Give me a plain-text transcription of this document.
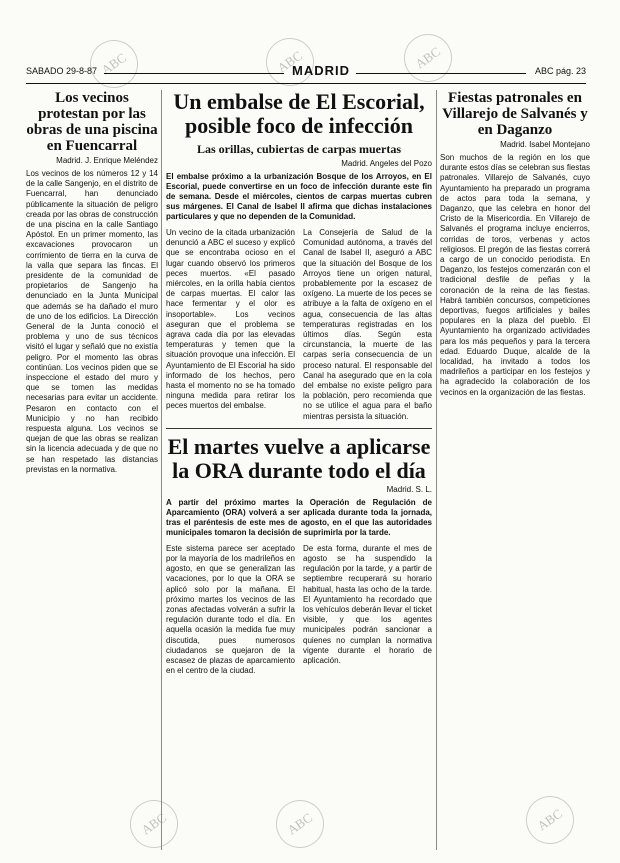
ABC	ABC	ABC
ABC	ABC	ABC
SABADO 29-8-87	MADRID	ABC pág. 23
Los vecinos protestan por las obras de una piscina en Fuencarral
Madrid. J. Enrique Meléndez

Los vecinos de los números 12 y 14 de la calle Sangenjo, en el distrito de Fuencarral, han denunciado públicamente la situación de peligro creada por las obras de construcción de una piscina en la calle Santiago Apóstol. En un primer momento, las excavaciones provocaron un corrimiento de tierra en la curva de la valla que separa las fincas. El presidente de la comunidad de propietarios de Sangenjo ha denunciado en la Junta Municipal que además se ha dañado el muro de uno de los edificios. La Dirección General de la Junta conoció el problema y uno de sus técnicos visitó el lugar y señaló que no existía peligro. Por el momento las obras continúan. Los vecinos piden que se inspeccione el estado del muro y que se tomen las medidas necesarias para evitar un accidente. Pesaron en contacto con el Municipio y no han recibido respuesta alguna. Los vecinos se quejan de que las obras se realizan sin la licencia adecuada y de que no se han respetado las distancias previstas en la normativa.

Un embalse de El Escorial, posible foco de infección
Las orillas, cubiertas de carpas muertas
Madrid. Angeles del Pozo

El embalse próximo a la urbanización Bosque de los Arroyos, en El Escorial, puede convertirse en un foco de infección durante este fin de semana. Desde el miércoles, cientos de carpas muertas cubren sus márgenes. El Canal de Isabel II afirma que dichas instalaciones particulares y que no dependen de la Comunidad.

Un vecino de la citada urbanización denunció a ABC el suceso y explicó que se encontraba ocioso en el lugar cuando observó los primeros peces muertos. «El pasado miércoles, en la orilla había cientos de carpas muertas. El calor las hace fermentar y el olor es insoportable». Los vecinos aseguran que el problema se agrava cada día por las elevadas temperaturas y temen que la situación provoque una infección. El Ayuntamiento de El Escorial ha sido informado de los hechos, pero hasta el momento no se ha tomado ninguna medida para retirar los peces muertos del embalse.

La Consejería de Salud de la Comunidad autónoma, a través del Canal de Isabel II, aseguró a ABC que la situación del Bosque de los Arroyos tiene un origen natural, probablemente por la escasez de oxígeno. La muerte de los peces se atribuye a la falta de oxígeno en el agua, consecuencia de las altas temperaturas registradas en los últimos días. Según esta circunstancia, la muerte de las carpas sería consecuencia de un proceso natural. El responsable del Canal ha asegurado que en la cola del embalse no existe peligro para la población, pero recomienda que no se utilice el agua para el baño mientras persista la situación.

El martes vuelve a aplicarse la ORA durante todo el día
Madrid. S. L.

A partir del próximo martes la Operación de Regulación de Aparcamiento (ORA) volverá a ser aplicada durante toda la jornada, tras el paréntesis de este mes de agosto, en el que las autoridades municipales tomaron la decisión de suprimirla por la tarde.

Este sistema parece ser aceptado por la mayoría de los madrileños en agosto, en que se generalizan las vacaciones, por lo que la ORA se aplicó solo por la mañana. El próximo martes los vecinos de las zonas afectadas volverán a sufrir la regulación durante todo el día. En aquella ocasión la medida fue muy discutida, pues numerosos ciudadanos se quejaron de la escasez de plazas de aparcamiento en el centro de la ciudad.

De esta forma, durante el mes de agosto se ha suspendido la regulación por la tarde, y a partir de septiembre recuperará su horario habitual, hasta las ocho de la tarde. El Ayuntamiento ha recordado que los vehículos deberán llevar el ticket visible, y que los agentes municipales podrán sancionar a quienes no cumplan la normativa vigente durante el horario de aplicación.

Fiestas patronales en Villarejo de Salvanés y en Daganzo
Madrid. Isabel Montejano

Son muchos de la región en los que durante estos días se celebran sus fiestas patronales. Villarejo de Salvanés, cuyo Ayuntamiento ha preparado un programa de actos para toda la semana, y Daganzo, que las celebra en honor del Cristo de la Misericordia. En Villarejo de Salvanés el programa incluye encierros, corridas de toros, verbenas y actos religiosos. El pregón de las fiestas correrá a cargo de un conocido periodista. En Daganzo, los festejos comenzarán con el tradicional desfile de peñas y la coronación de la reina de las fiestas. Habrá también concursos, competiciones deportivas, fuegos artificiales y bailes populares en la plaza del pueblo. El Ayuntamiento ha organizado actividades para los más pequeños y para la tercera edad. Eduardo Duque, alcalde de la localidad, ha invitado a todos los madrileños a participar en los festejos y ha agradecido la colaboración de los vecinos en la organización de las fiestas.
